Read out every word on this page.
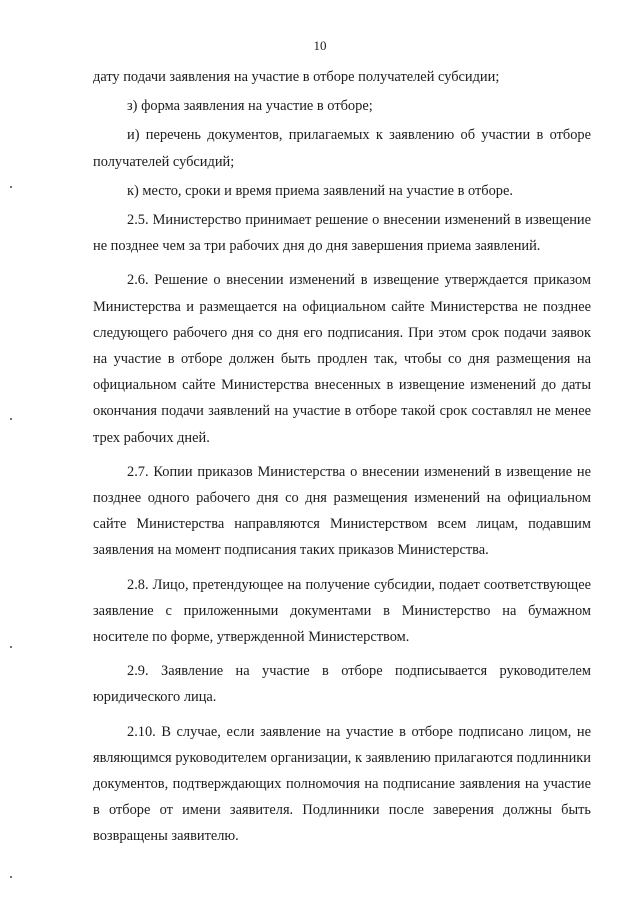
10

дату подачи заявления на участие в отборе получателей субсидии;

з) форма заявления на участие в отборе;

и) перечень документов, прилагаемых к заявлению об участии в отборе получателей субсидий;

к) место, сроки и время приема заявлений на участие в отборе.

2.5. Министерство принимает решение о внесении изменений в извещение не позднее чем за три рабочих дня до дня завершения приема заявлений.

2.6. Решение о внесении изменений в извещение утверждается приказом Министерства и размещается на официальном сайте Министерства не позднее следующего рабочего дня со дня его подписания. При этом срок подачи заявок на участие в отборе должен быть продлен так, чтобы со дня размещения на официальном сайте Министерства внесенных в извещение изменений до даты окончания подачи заявлений на участие в отборе такой срок составлял не менее трех рабочих дней.

2.7. Копии приказов Министерства о внесении изменений в извещение не позднее одного рабочего дня со дня размещения изменений на официальном сайте Министерства направляются Министерством всем лицам, подавшим заявления на момент подписания таких приказов Министерства.

2.8. Лицо, претендующее на получение субсидии, подает соответствующее заявление с приложенными документами в Министерство на бумажном носителе по форме, утвержденной Министерством.

2.9. Заявление на участие в отборе подписывается руководителем юридического лица.

2.10. В случае, если заявление на участие в отборе подписано лицом, не являющимся руководителем организации, к заявлению прилагаются подлинники документов, подтверждающих полномочия на подписание заявления на участие в отборе от имени заявителя. Подлинники после заверения должны быть возвращены заявителю.
